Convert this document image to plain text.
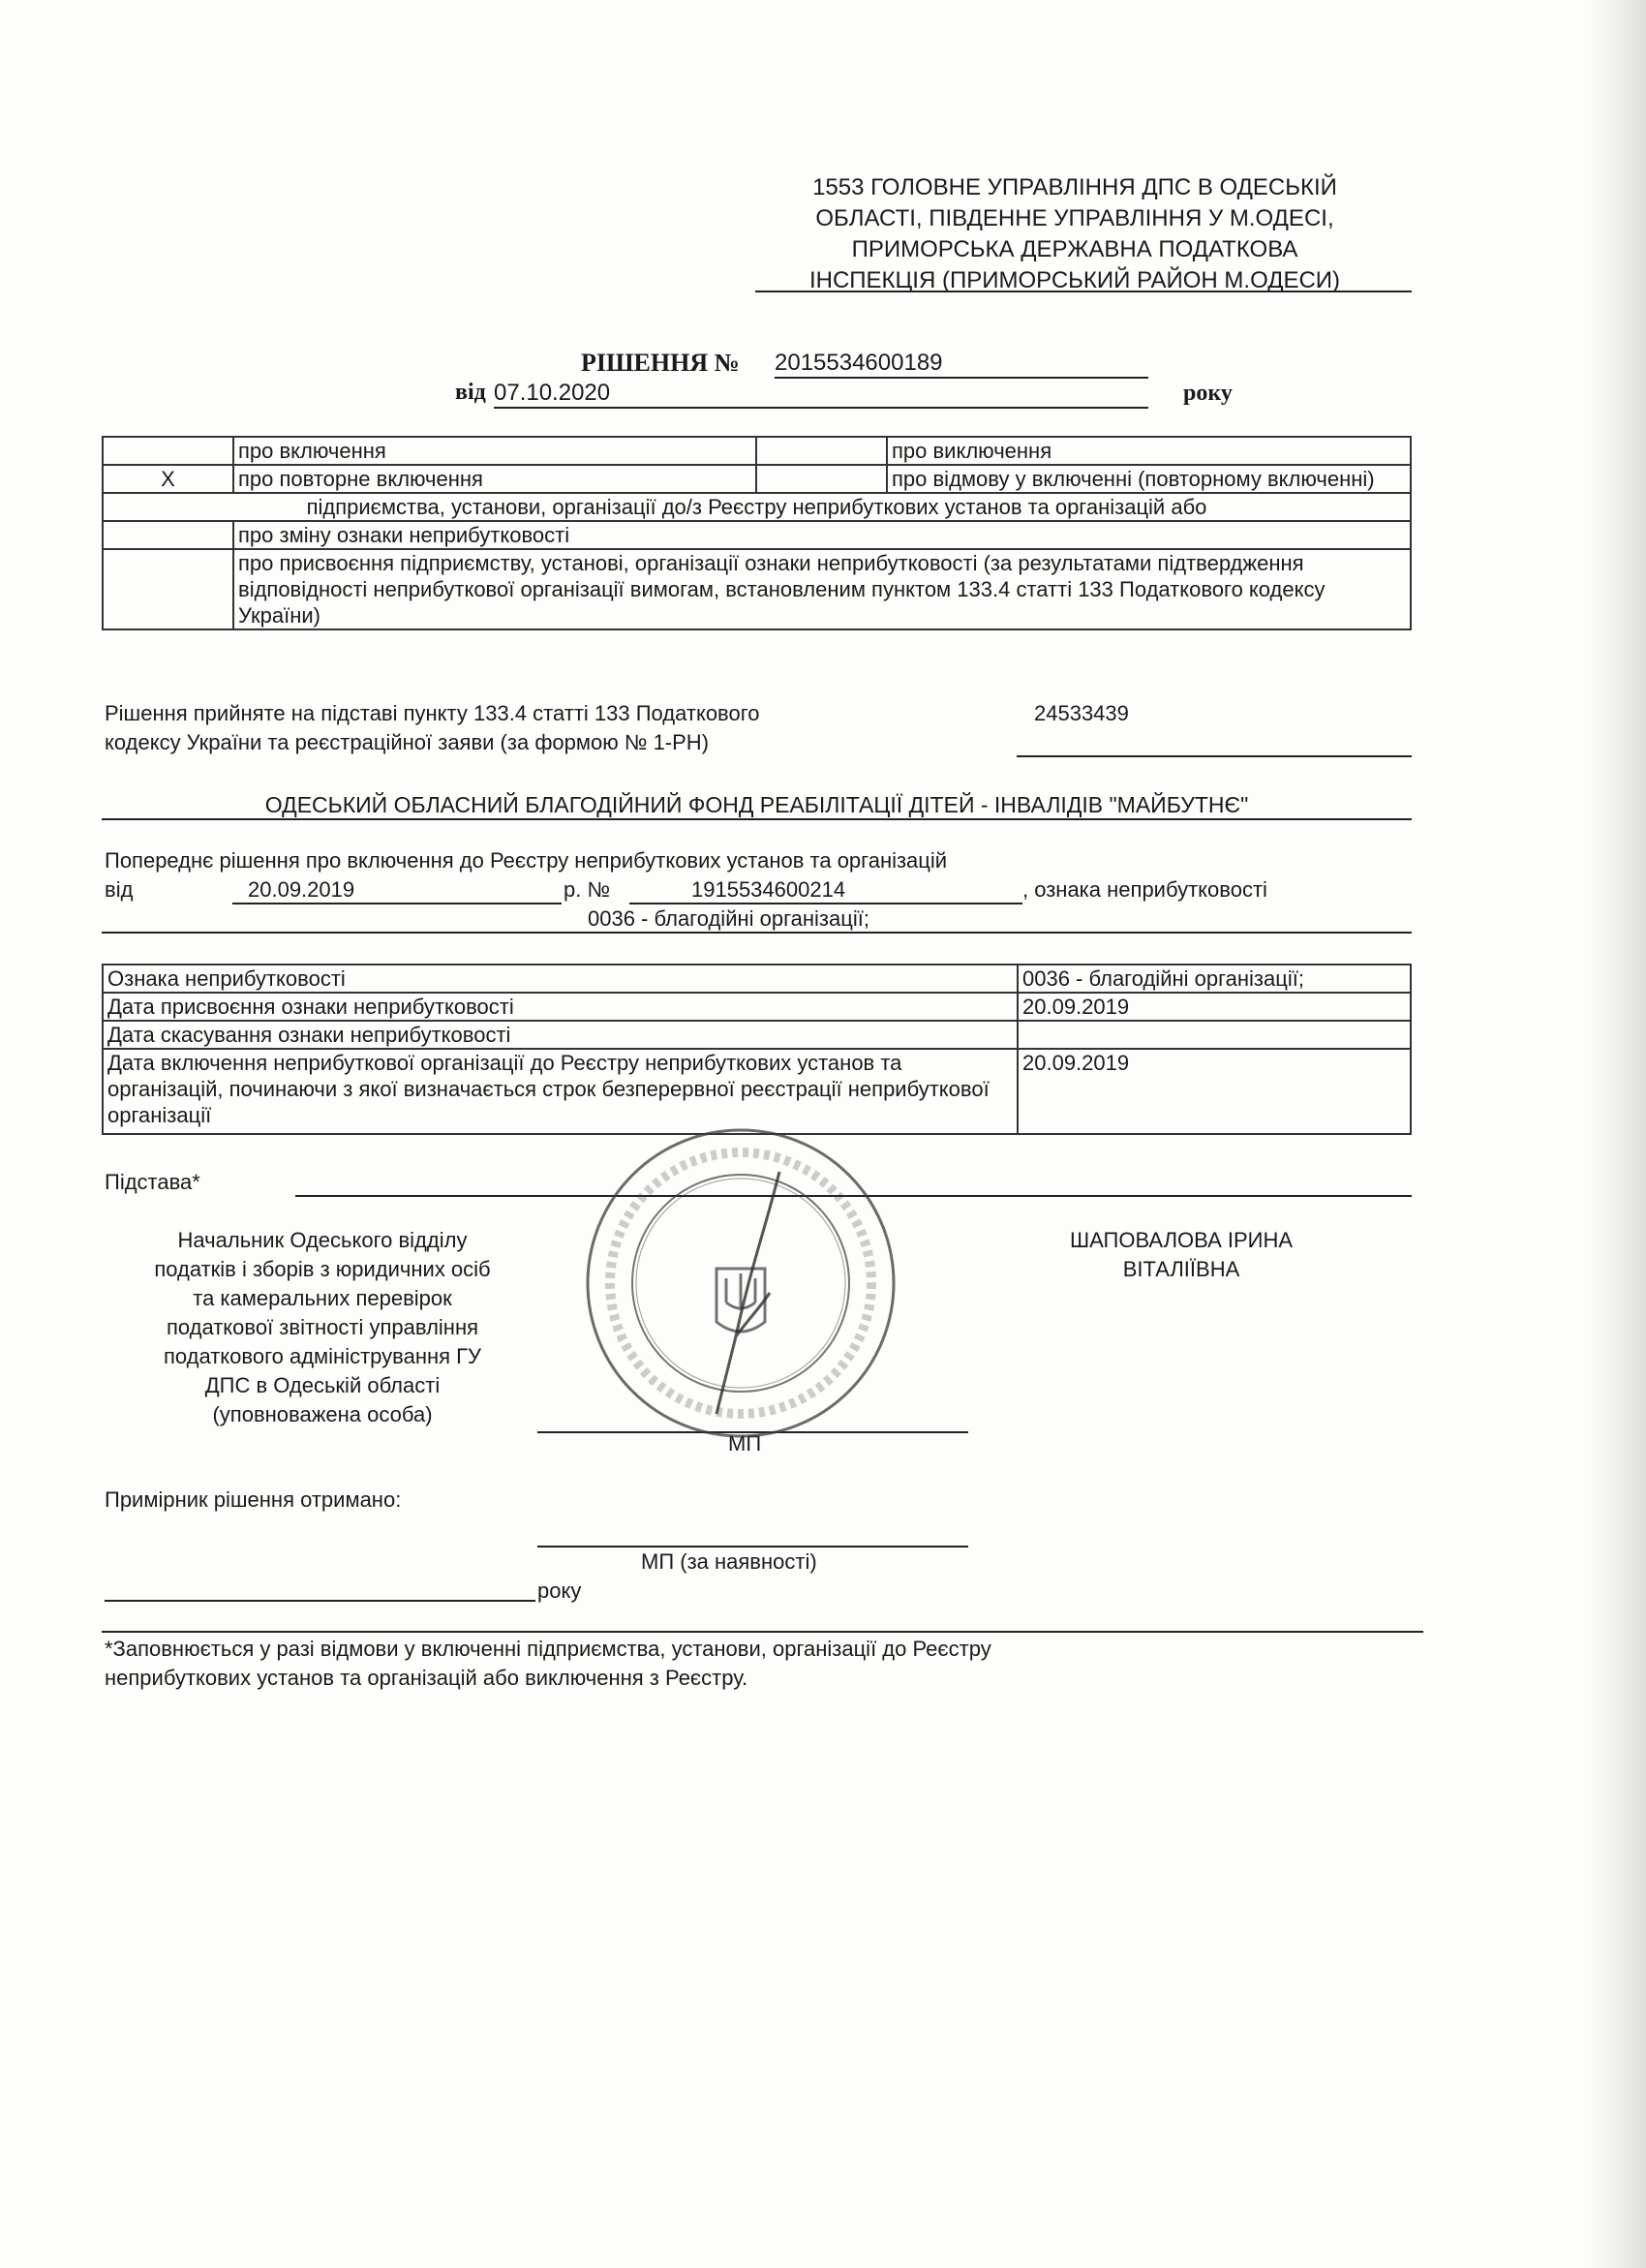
1553 ГОЛОВНЕ УПРАВЛІННЯ ДПС В ОДЕСЬКІЙ
ОБЛАСТІ, ПІВДЕННЕ УПРАВЛІННЯ У М.ОДЕСІ,
ПРИМОРСЬКА ДЕРЖАВНА ПОДАТКОВА
ІНСПЕКЦІЯ (ПРИМОРСЬКИЙ РАЙОН М.ОДЕСИ)
РІШЕННЯ № 2015534600189
від 07.10.2020	року
	про включення		про виключення
X	про повторне включення		про відмову у включенні (повторному включенні)
підприємства, установи, організації до/з Реєстру неприбуткових установ та організацій або			
	про зміну ознаки неприбутковості		
	про присвоєння підприємству, установі, організації ознаки неприбутковості (за результатами підтвердження відповідності неприбуткової організації вимогам, встановленим пунктом 133.4 статті 133 Податкового кодексу України)		
Рішення прийняте на підставі пункту 133.4 статті 133 Податкового
кодексу України та реєстраційної заяви (за формою № 1-РН)
24533439
ОДЕСЬКИЙ ОБЛАСНИЙ БЛАГОДІЙНИЙ ФОНД РЕАБІЛІТАЦІЇ ДІТЕЙ - ІНВАЛІДІВ "МАЙБУТНЄ"
Попереднє рішення про включення до Реєстру неприбуткових установ та організацій
від	20.09.2019	р. №	1915534600214	, ознака неприбутковості
0036 - благодійні організації;
Ознака неприбутковості	0036 - благодійні організації;
Дата присвоєння ознаки неприбутковості	20.09.2019
Дата скасування ознаки неприбутковості	
Дата включення неприбуткової організації до Реєстру неприбуткових установ та організацій, починаючи з якої визначається строк безперервної реєстрації неприбуткової організації	20.09.2019
Підстава*
Начальник Одеського відділу
податків і зборів з юридичних осіб
та камеральних перевірок
податкової звітності управління
податкового адміністрування ГУ
ДПС в Одеській області
(уповноважена особа)
ШАПОВАЛОВА ІРИНА
ВІТАЛІЇВНА
МП
Примірник рішення отримано:
МП (за наявності)
року
*Заповнюється у разі відмови у включенні підприємства, установи, організації до Реєстру
неприбуткових установ та організацій або виключення з Реєстру.
